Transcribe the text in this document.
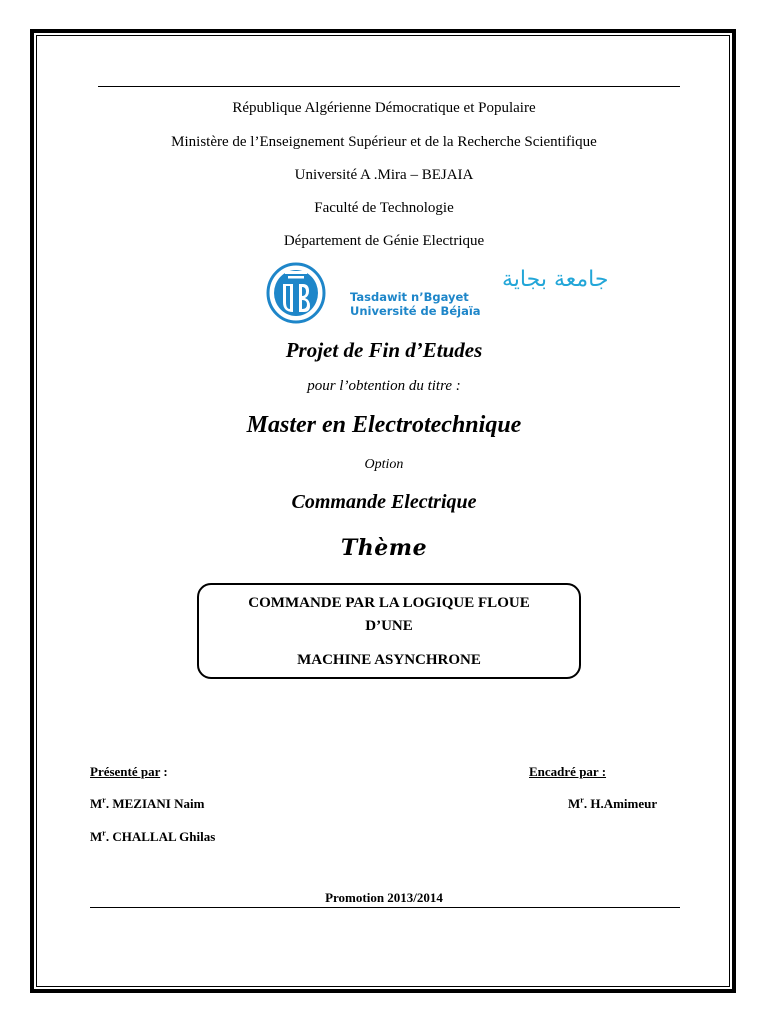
République Algérienne Démocratique et Populaire
Ministère de l’Enseignement Supérieur et de la Recherche Scientifique
Université A .Mira – BEJAIA
Faculté de Technologie
Département de Génie Electrique
جامعة بجاية
Tasdawit n’Bgayet
Université de Béjaïa
Projet de Fin d’Etudes
pour l’obtention du titre :
Master en Electrotechnique
Option
Commande Electrique
Thème
COMMANDE PAR LA LOGIQUE FLOUE
D’UNE
MACHINE ASYNCHRONE
Présenté par :	Encadré par :
$M^r$. MEZIANI Naim	$M^r$. H.Amimeur
$M^r$. CHALLAL Ghilas
Promotion 2013/2014
